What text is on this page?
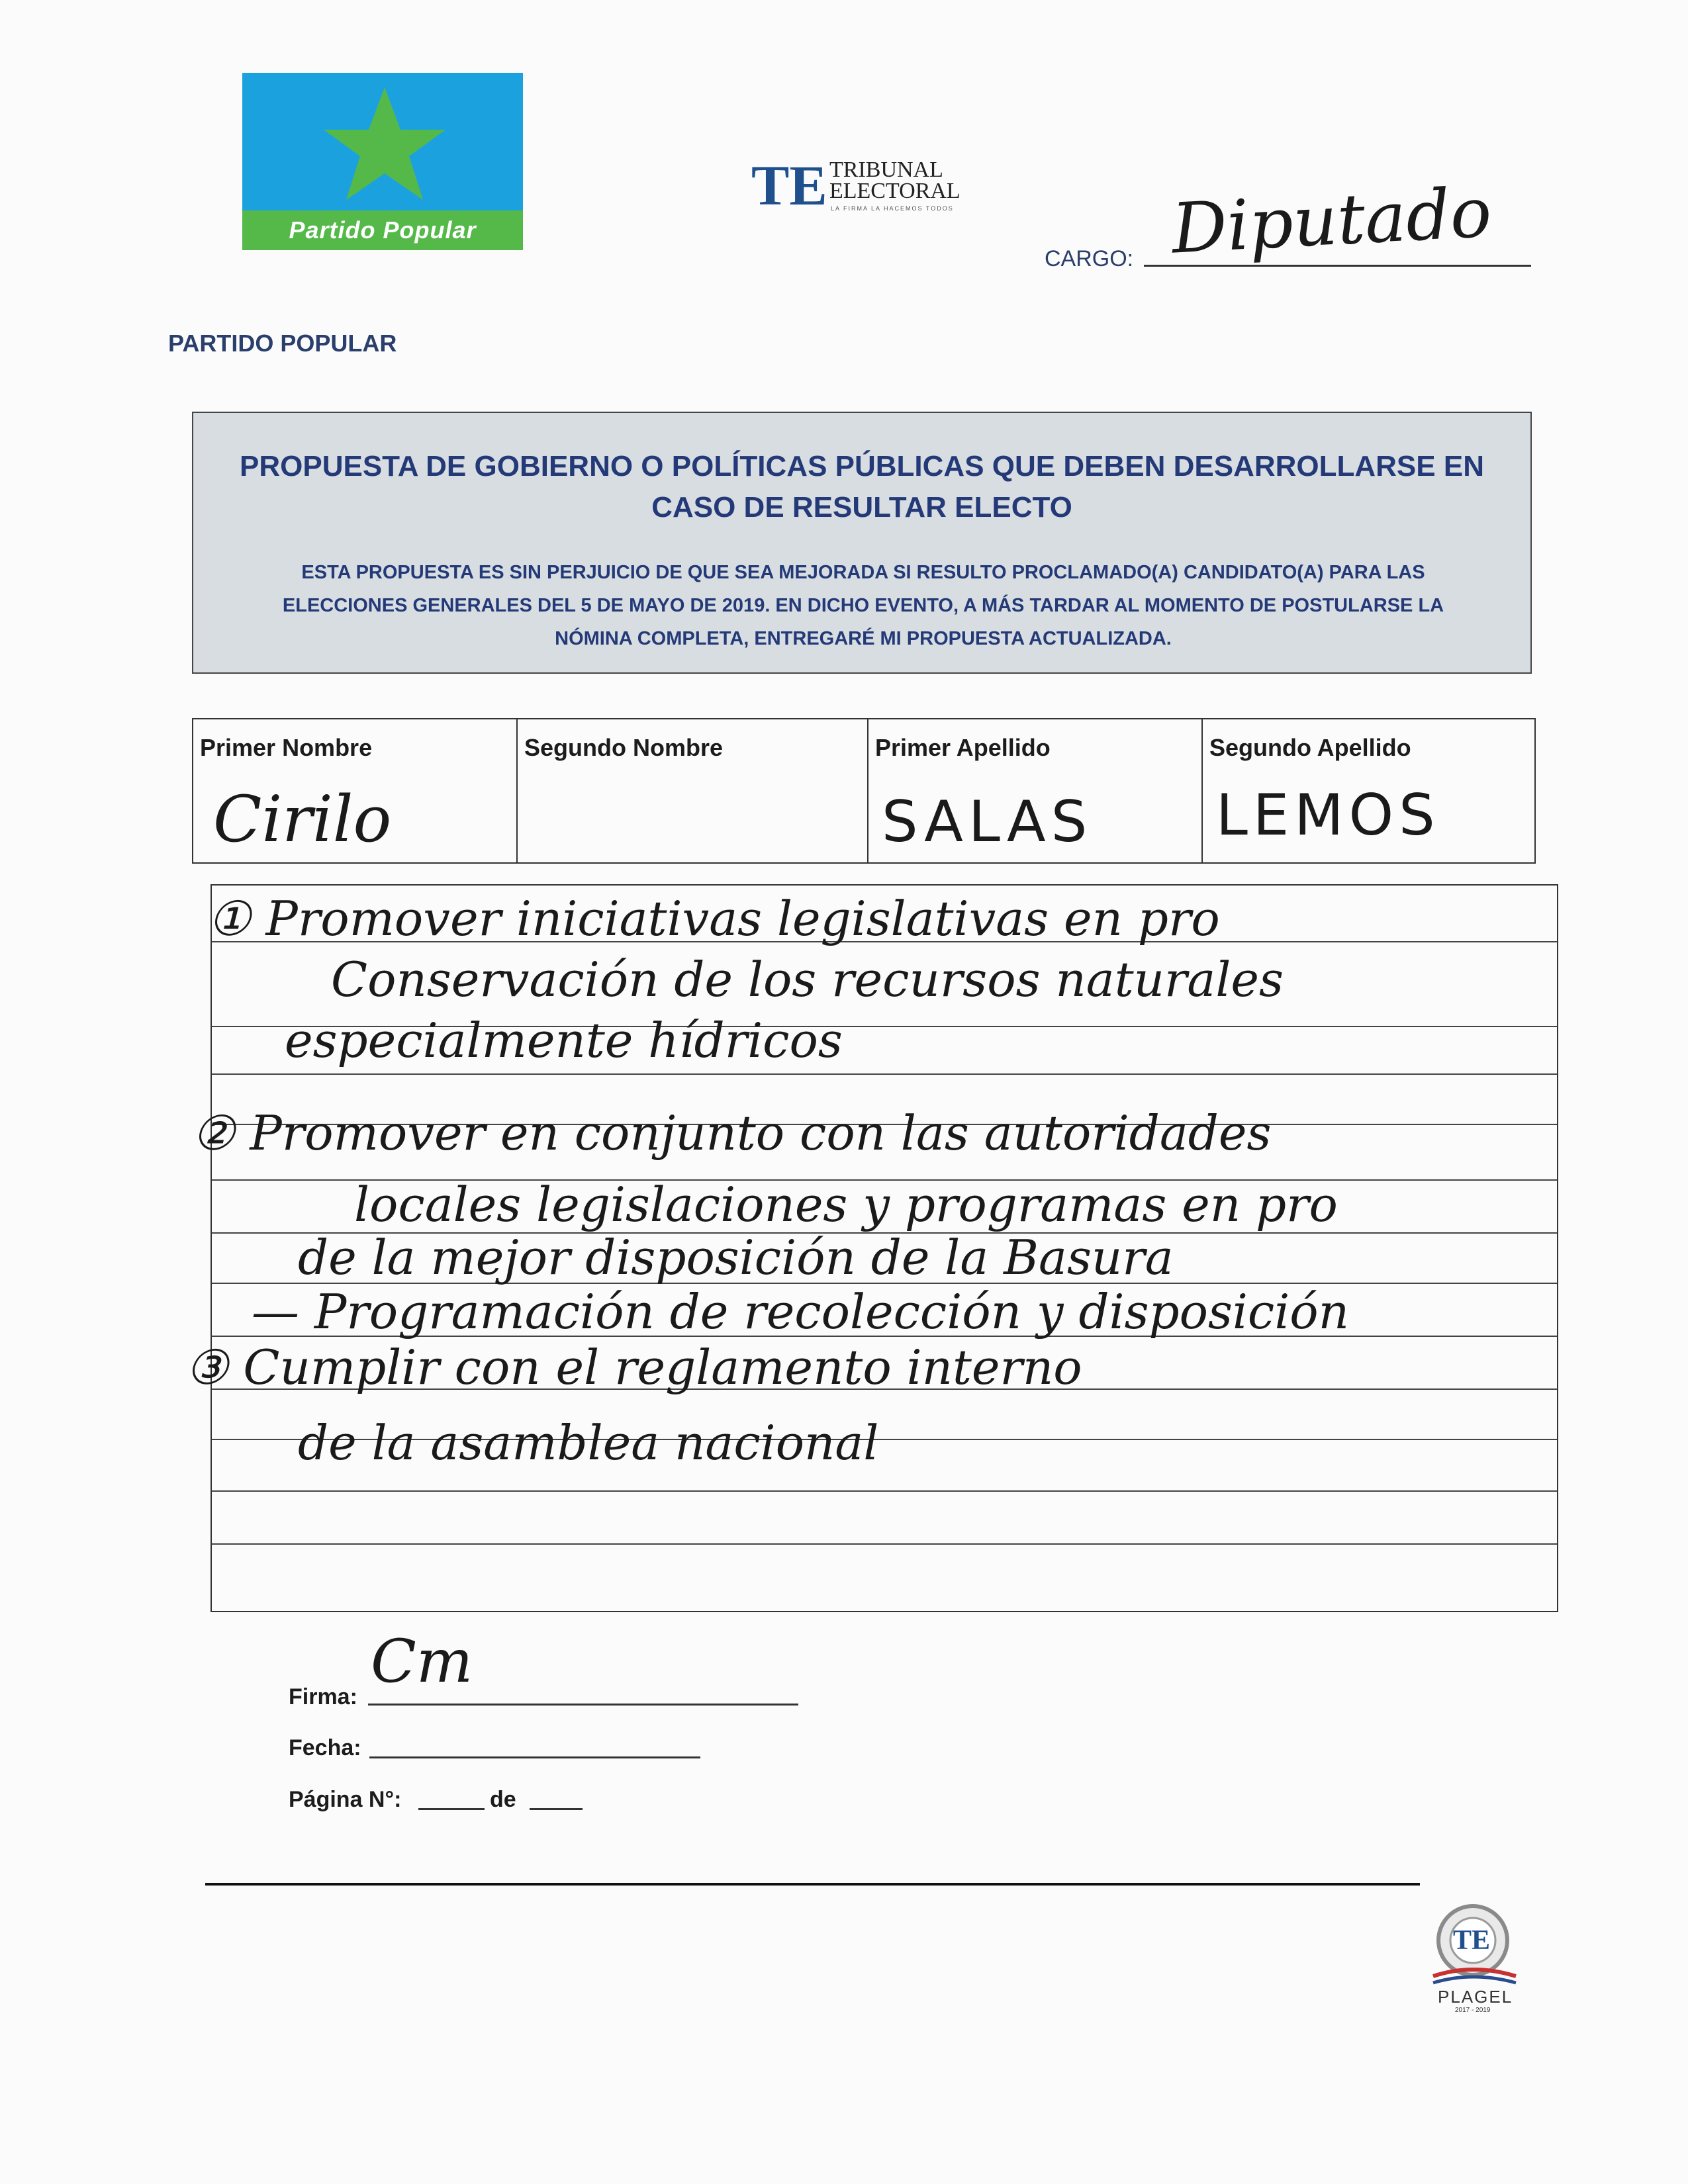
Partido Popular
TE TRIBUNAL
ELECTORAL
LA FIRMA LA HACEMOS TODOS
CARGO: Diputado
PARTIDO POPULAR
PROPUESTA DE GOBIERNO O POLÍTICAS PÚBLICAS QUE DEBEN DESARROLLARSE EN
CASO DE RESULTAR ELECTO
ESTA PROPUESTA ES SIN PERJUICIO DE QUE SEA MEJORADA SI RESULTO PROCLAMADO(A) CANDIDATO(A) PARA LAS
ELECCIONES GENERALES DEL 5 DE MAYO DE 2019. EN DICHO EVENTO, A MÁS TARDAR AL MOMENTO DE POSTULARSE LA
NÓMINA COMPLETA, ENTREGARÉ MI PROPUESTA ACTUALIZADA.
Primer Nombre
Cirilo
Segundo Nombre	Primer Apellido
SALAS
Segundo Apellido
LEMOS
① Promover iniciativas legislativas en pro
Conservación de los recursos naturales
especialmente hídricos
② Promover en conjunto con las autoridades
locales legislaciones y programas en pro
de la mejor disposición de la Basura
— Programación de recolección y disposición
③ Cumplir con el reglamento interno
de la asamblea nacional
Firma:
Cm
Fecha:
Página N°:	de
TE
PLAGEL
2017 - 2019
